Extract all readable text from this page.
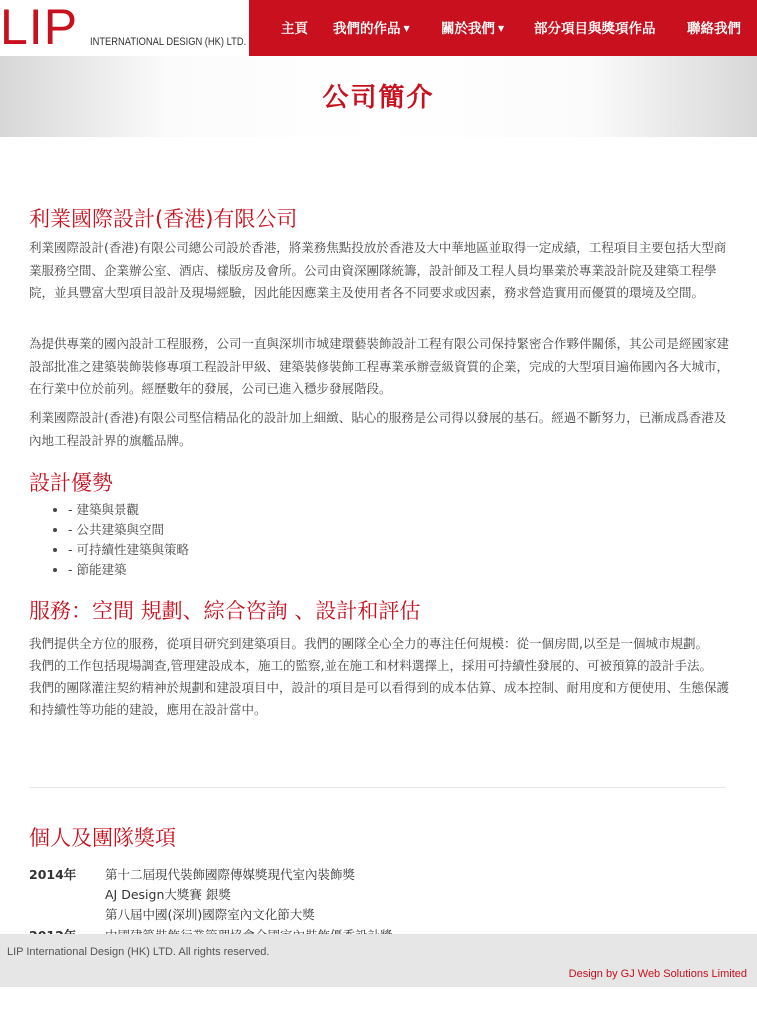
LIP INTERNATIONAL DESIGN (HK) LTD.
主頁 我們的作品 ▼ 關於我們 ▼ 部分項目與獎項作品 聯絡我們
公司簡介
利業國際設計(香港)有限公司

利業國際設計(香港)有限公司總公司設於香港，將業務焦點投放於香港及大中華地區並取得一定成績，工程項目主要包括大型商業服務空間、企業辦公室、酒店、樣版房及會所。公司由資深團隊統籌，設計師及工程人員均畢業於專業設計院及建築工程學院，並具豐富大型項目設計及現場經驗，因此能因應業主及使用者各不同要求或因素，務求營造實用而優質的環境及空間。

為提供專業的國內設計工程服務，公司一直與深圳市城建環藝裝飾設計工程有限公司保持緊密合作夥伴關係，其公司是經國家建設部批准之建築裝飾裝修專項工程設計甲級、建築裝修裝飾工程專業承辦壹級資質的企業，完成的大型項目遍佈國內各大城市，在行業中位於前列。經歷數年的發展，公司已進入穩步發展階段。

利業國際設計(香港)有限公司堅信精品化的設計加上細緻、貼心的服務是公司得以發展的基石。經過不斷努力，已漸成爲香港及內地工程設計界的旗艦品牌。

設計優勢
• - 建築與景觀
• - 公共建築與空間
• - 可持續性建築與策略
• - 節能建築
服務：空間 規劃、綜合咨詢 、設計和評估

我們提供全方位的服務，從項目研究到建築項目。我們的團隊全心全力的專注任何規模：從一個房間,以至是一個城市規劃。

我們的工作包括現場調查,管理建設成本，施工的監察,並在施工和材料選擇上，採用可持續性發展的、可被預算的設計手法。

我們的團隊灌注契約精神於規劃和建設項目中，設計的項目是可以看得到的成本估算、成本控制、耐用度和方便使用、生態保護和持續性等功能的建設，應用在設計當中。

個人及團隊獎項
2014年 第十二屆現代裝飾國際傳媒獎現代室內裝飾獎
AJ Design大獎賽 銀獎
第八屆中國(深圳)國際室內文化節大獎
LIP International Design (HK) LTD. All rights reserved.
Design by GJ Web Solutions Limited
